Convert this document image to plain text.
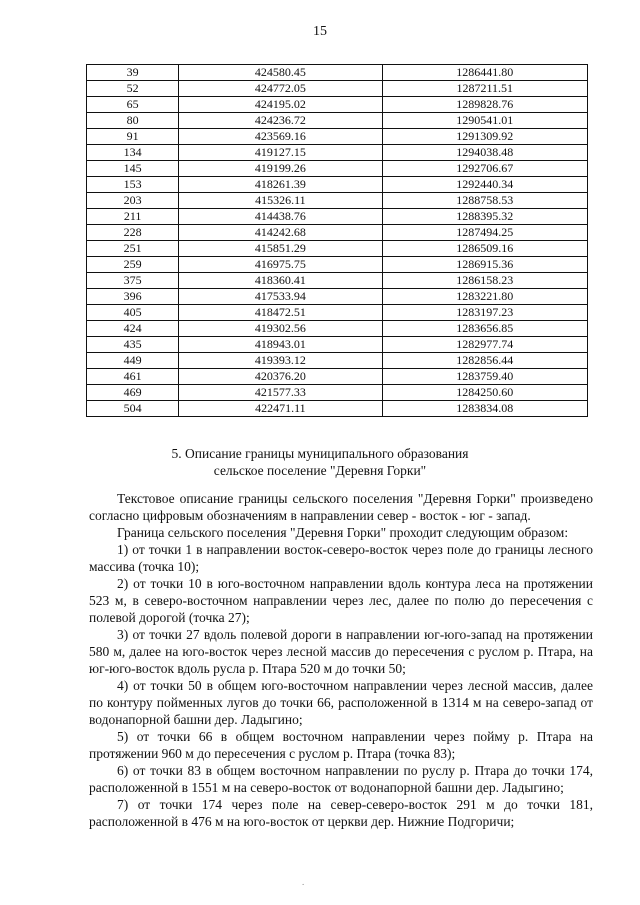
15
39	424580.45	1286441.80
52	424772.05	1287211.51
65	424195.02	1289828.76
80	424236.72	1290541.01
91	423569.16	1291309.92
134	419127.15	1294038.48
145	419199.26	1292706.67
153	418261.39	1292440.34
203	415326.11	1288758.53
211	414438.76	1288395.32
228	414242.68	1287494.25
251	415851.29	1286509.16
259	416975.75	1286915.36
375	418360.41	1286158.23
396	417533.94	1283221.80
405	418472.51	1283197.23
424	419302.56	1283656.85
435	418943.01	1282977.74
449	419393.12	1282856.44
461	420376.20	1283759.40
469	421577.33	1284250.60
504	422471.11	1283834.08
5. Описание границы муниципального образования
сельское поселение "Деревня Горки"

Текстовое описание границы сельского поселения "Деревня Горки" произведено согласно цифровым обозначениям в направлении север - восток - юг - запад.

Граница сельского поселения "Деревня Горки" проходит следующим образом:

1) от точки 1 в направлении восток-северо-восток через поле до границы лесного массива (точка 10);

2) от точки 10 в юго-восточном направлении вдоль контура леса на протяжении 523 м, в северо-восточном направлении через лес, далее по полю до пересечения с полевой дорогой (точка 27);

3) от точки 27 вдоль полевой дороги в направлении юг-юго-запад на протяжении 580 м, далее на юго-восток через лесной массив до пересечения с руслом р. Птара, на юг-юго-восток вдоль русла р. Птара 520 м до точки 50;

4) от точки 50 в общем юго-восточном направлении через лесной массив, далее по контуру пойменных лугов до точки 66, расположенной в 1314 м на северо-запад от водонапорной башни дер. Ладыгино;

5) от точки 66 в общем восточном направлении через пойму р. Птара на протяжении 960 м до пересечения с руслом р. Птара (точка 83);

6) от точки 83 в общем восточном направлении по руслу р. Птара до точки 174, расположенной в 1551 м на северо-восток от водонапорной башни дер. Ладыгино;

7) от точки 174 через поле на север-северо-восток 291 м до точки 181, расположенной в 476 м на юго-восток от церкви дер. Нижние Подгоричи;

.
